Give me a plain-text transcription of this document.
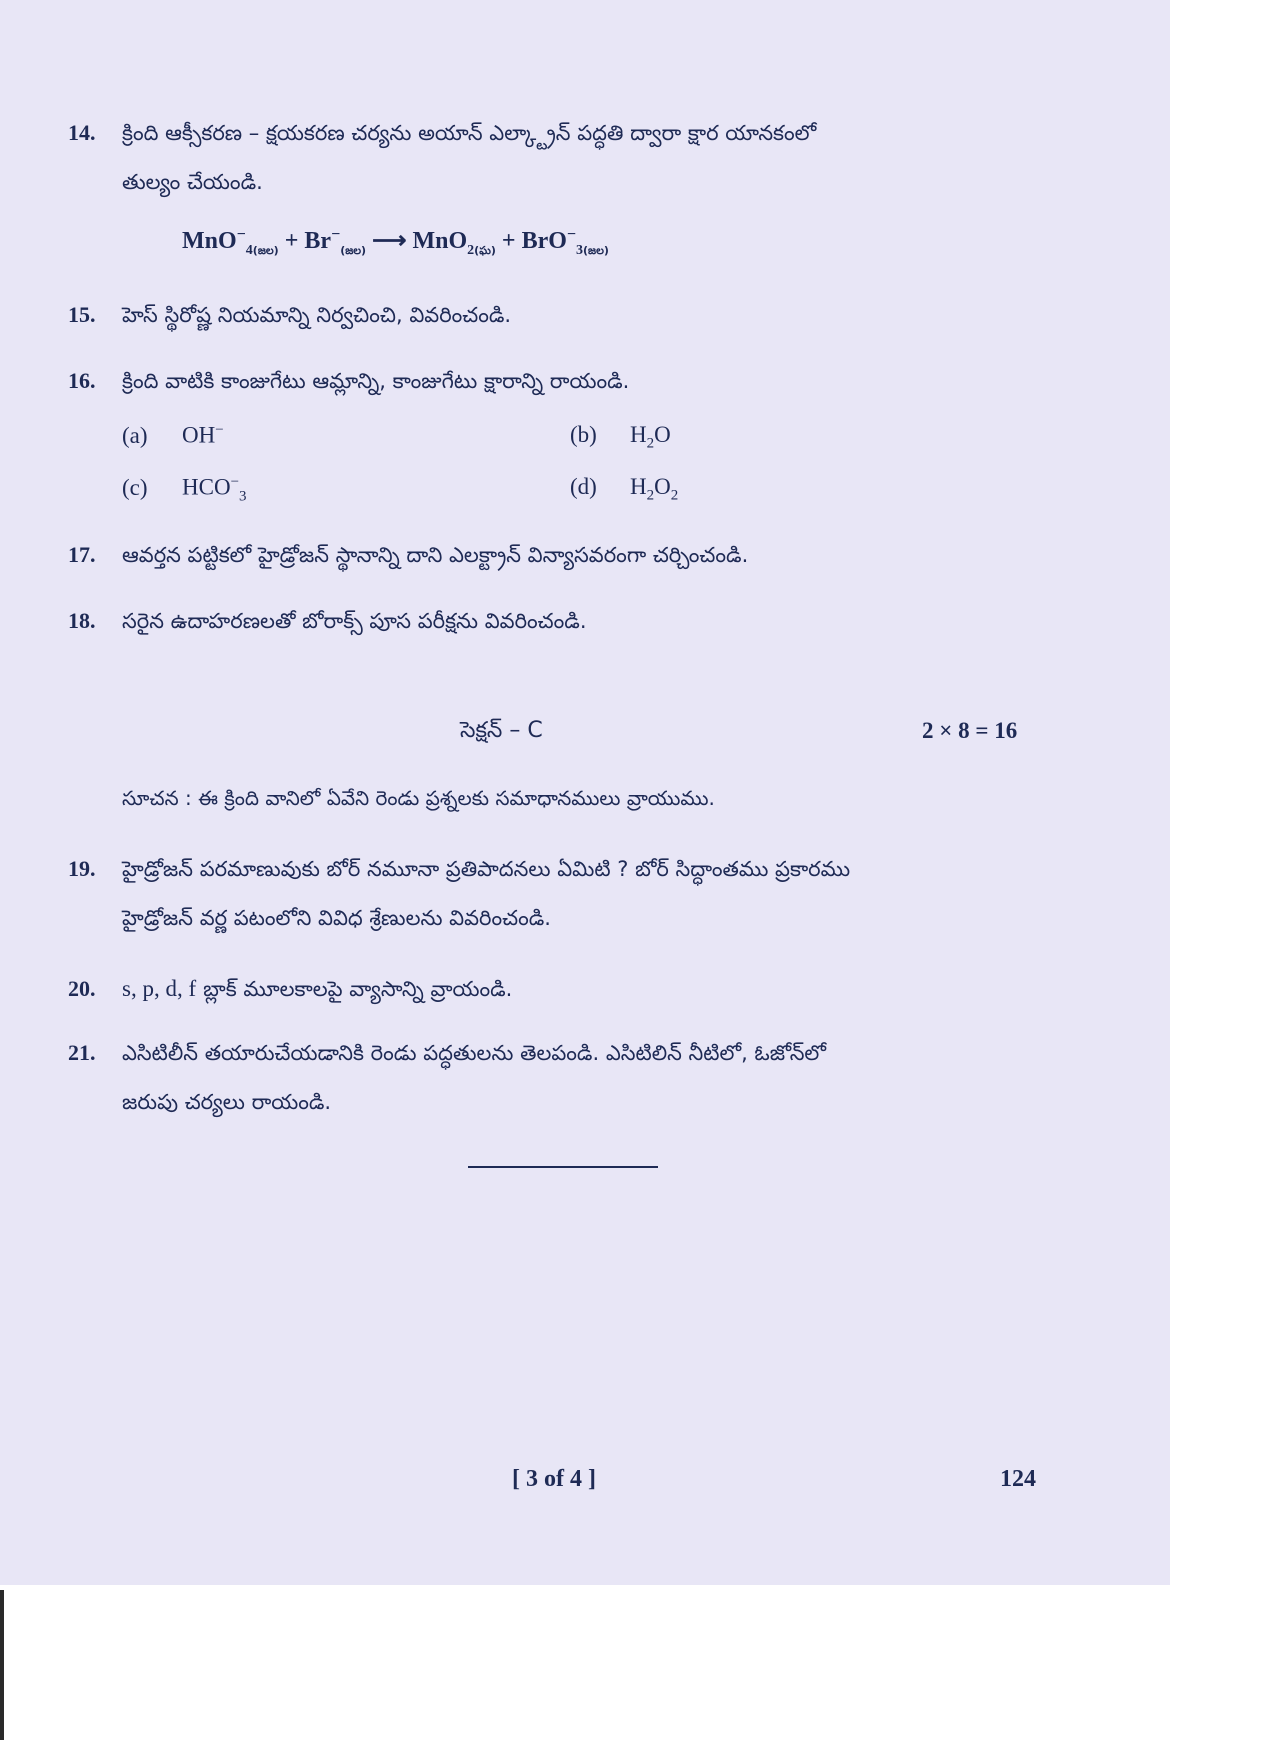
14. క్రింది ఆక్సీకరణ – క్షయకరణ చర్యను అయాన్ ఎల్క్ట్రాన్ పద్ధతి ద్వారా క్షార యానకంలో
తుల్యం చేయండి.
$MnO^-_{4(జల)} + Br^-_{(జల)}$ ⟶ MnO$_{2(ఘ)}$ + BrO−$_{3(జల)}$
15. హెస్ స్థిరోష్ణ నియమాన్ని నిర్వచించి, వివరించండి.
16. క్రింది వాటికి కాంజుగేటు ఆమ్లాన్ని, కాంజుగేటు క్షారాన్ని రాయండి.
(a) OH−	(b) $H_2O$
(c) $HCO^-_3$	(d) $H_2O_2$
17. ఆవర్తన పట్టికలో హైడ్రోజన్ స్థానాన్ని దాని ఎలక్ట్రాన్ విన్యాసవరంగా చర్చించండి.
18. సరైన ఉదాహరణలతో బోరాక్స్ పూస పరీక్షను వివరించండి.
సెక్షన్ – C	2 × 8 = 16
సూచన : ఈ క్రింది వానిలో ఏవేని రెండు ప్రశ్నలకు సమాధానములు వ్రాయుము.
19. హైడ్రోజన్ పరమాణువుకు బోర్ నమూనా ప్రతిపాదనలు ఏమిటి ? బోర్ సిద్ధాంతము ప్రకారము
హైడ్రోజన్ వర్ణ పటంలోని వివిధ శ్రేణులను వివరించండి.
20. s, p, d, f బ్లాక్ మూలకాలపై వ్యాసాన్ని వ్రాయండి.
21. ఎసిటిలీన్ తయారుచేయడానికి రెండు పద్ధతులను తెలపండి. ఎసిటిలిన్ నీటిలో, ఓజోన్‌లో
జరుపు చర్యలు రాయండి.
[ 3 of 4 ]	124
